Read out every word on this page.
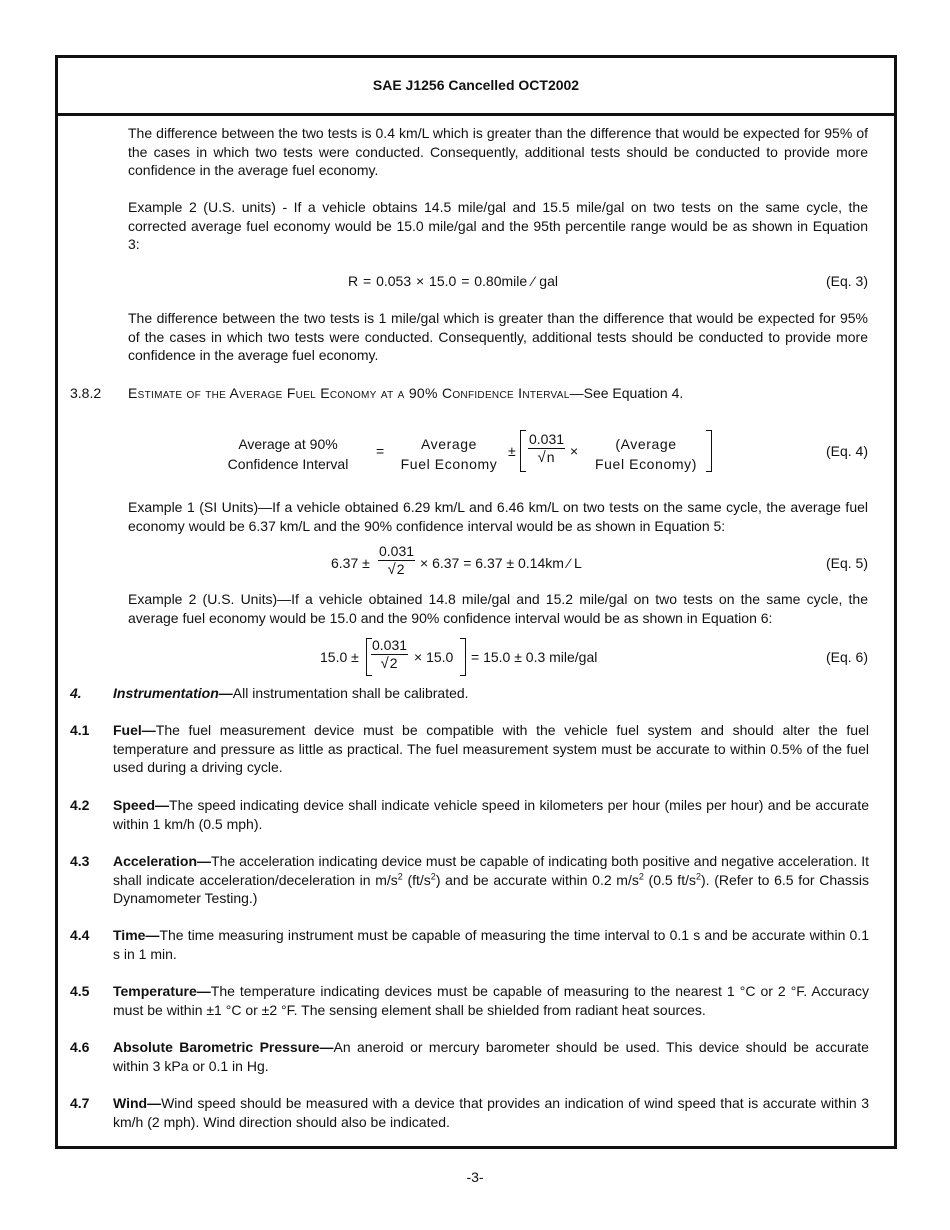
SAE J1256 Cancelled OCT2002
The difference between the two tests is 0.4 km/L which is greater than the difference that would be expected for 95% of the cases in which two tests were conducted. Consequently, additional tests should be conducted to provide more confidence in the average fuel economy.
Example 2 (U.S. units) - If a vehicle obtains 14.5 mile/gal and 15.5 mile/gal on two tests on the same cycle, the corrected average fuel economy would be 15.0 mile/gal and the 95th percentile range would be as shown in Equation 3:
R = 0.053 × 15.0 = 0.80mile ⁄ gal	(Eq. 3)
The difference between the two tests is 1 mile/gal which is greater than the difference that would be expected for 95% of the cases in which two tests were conducted. Consequently, additional tests should be conducted to provide more confidence in the average fuel economy.
3.8.2 Estimate of the Average Fuel Economy at a 90% Confidence Interval—See Equation 4.
Average at 90%
Confidence Interval
=	Average
Fuel Economy
± $\frac{0.031}{√n}$ ×	(Average
Fuel Economy)
(Eq. 4)
Example 1 (SI Units)—If a vehicle obtained 6.29 km/L and 6.46 km/L on two tests on the same cycle, the average fuel economy would be 6.37 km/L and the 90% confidence interval would be as shown in Equation 5:
$6.37 \pm \frac{0.031}{√2} \times 6.37 = 6.37 \pm 0.14km$ ⁄ L	(Eq. 5)
Example 2 (U.S. Units)—If a vehicle obtained 14.8 mile/gal and 15.2 mile/gal on two tests on the same cycle, the average fuel economy would be 15.0 and the 90% confidence interval would be as shown in Equation 6:
$15.0 \pm \frac{0.031}{√2} \times 15.0 = 15.0 \pm 0.3$ mile/gal	(Eq. 6)
4. Instrumentation—All instrumentation shall be calibrated.
4.1 Fuel—The fuel measurement device must be compatible with the vehicle fuel system and should alter the fuel temperature and pressure as little as practical. The fuel measurement system must be accurate to within 0.5% of the fuel used during a driving cycle.
4.2 Speed—The speed indicating device shall indicate vehicle speed in kilometers per hour (miles per hour) and be accurate within 1 km/h (0.5 mph).
4.3 Acceleration—The acceleration indicating device must be capable of indicating both positive and negative acceleration. It shall indicate acceleration/deceleration in $m/s^2$ $(ft/s^2)$ and be accurate within 0.2 $m/s^2$ (0.5 $ft/s^2$). (Refer to 6.5 for Chassis Dynamometer Testing.)
4.4 Time—The time measuring instrument must be capable of measuring the time interval to 0.1 s and be accurate within 0.1 s in 1 min.
4.5 Temperature—The temperature indicating devices must be capable of measuring to the nearest 1 °C or 2 °F. Accuracy must be within ±1 °C or ±2 °F. The sensing element shall be shielded from radiant heat sources.
4.6 Absolute Barometric Pressure—An aneroid or mercury barometer should be used. This device should be accurate within 3 kPa or 0.1 in Hg.
4.7 Wind—Wind speed should be measured with a device that provides an indication of wind speed that is accurate within 3 km/h (2 mph). Wind direction should also be indicated.
-3-
